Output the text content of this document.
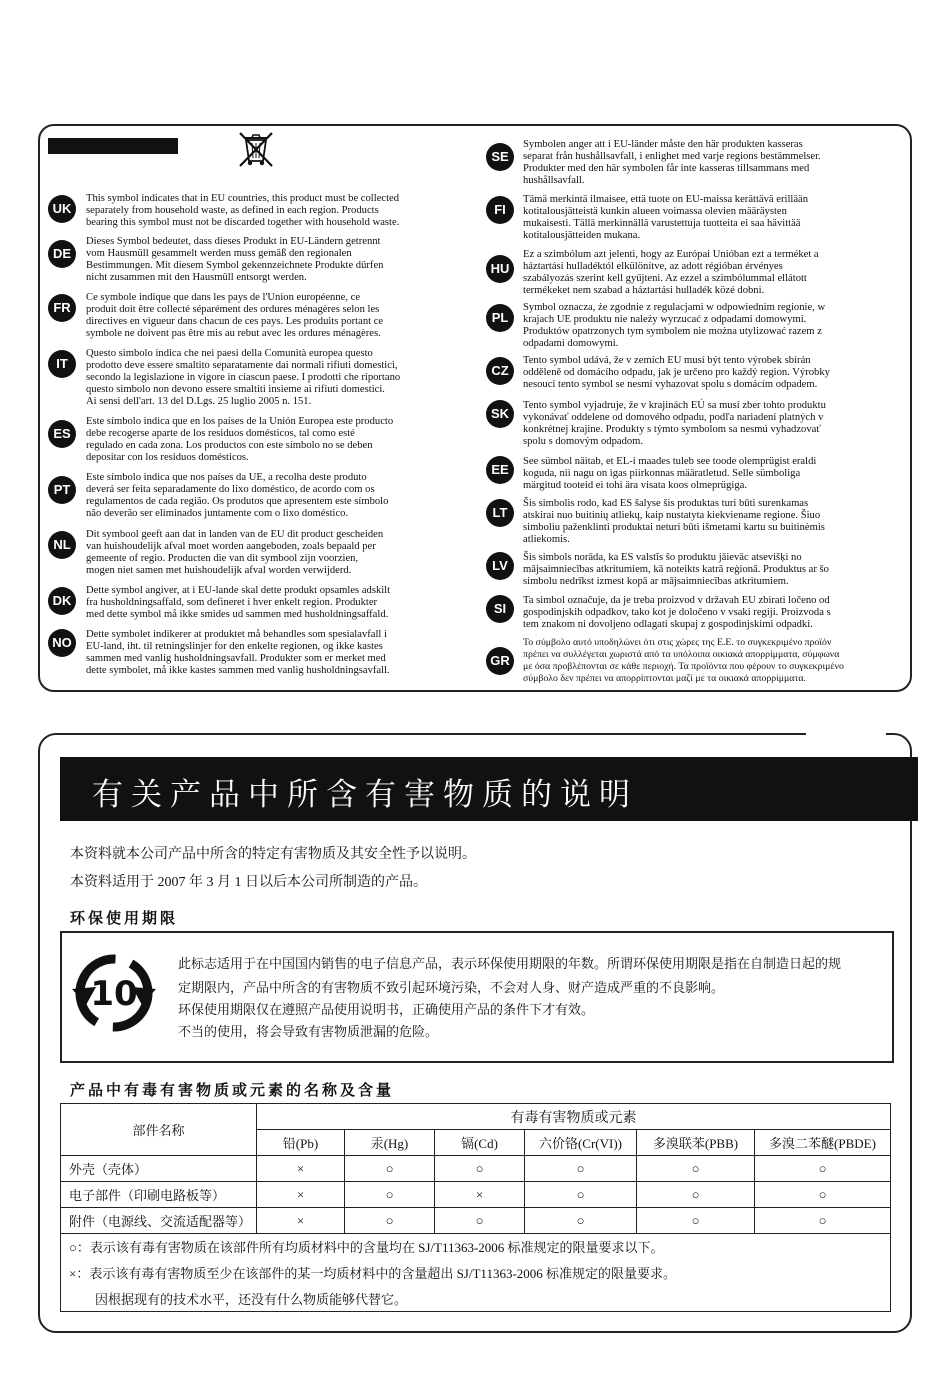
UK
This symbol indicates that in EU countries, this product must be collected
separately from household waste, as defined in each region. Products
bearing this symbol must not be discarded together with household waste.
DE
Dieses Symbol bedeutet, dass dieses Produkt in EU-Ländern getrennt
vom Hausmüll gesammelt werden muss gemäß den regionalen
Bestimmungen. Mit diesem Symbol gekennzeichnete Produkte dürfen
nicht zusammen mit den Hausmüll entsorgt werden.
FR
Ce symbole indique que dans les pays de l'Union européenne, ce
produit doit être collecté séparément des ordures ménagères selon les
directives en vigueur dans chacun de ces pays. Les produits portant ce
symbole ne doivent pas être mis au rebut avec les ordures ménagères.
IT
Questo simbolo indica che nei paesi della Comunità europea questo
prodotto deve essere smaltito separatamente dai normali rifiuti domestici,
secondo la legislazione in vigore in ciascun paese. I prodotti che riportano
questo simbolo non devono essere smaltiti insieme ai rifiuti domestici.
Ai sensi dell'art. 13 del D.Lgs. 25 luglio 2005 n. 151.
ES
Este símbolo indica que en los países de la Unión Europea este producto
debe recogerse aparte de los residuos domésticos, tal como esté
regulado en cada zona. Los productos con este símbolo no se deben
depositar con los residuos domésticos.
PT
Este símbolo indica que nos países da UE, a recolha deste produto
deverá ser feita separadamente do lixo doméstico, de acordo com os
regulamentos de cada região. Os produtos que apresentem este símbolo
não deverão ser eliminados juntamente com o lixo doméstico.
NL
Dit symbool geeft aan dat in landen van de EU dit product gescheiden
van huishoudelijk afval moet worden aangeboden, zoals bepaald per
gemeente of regio. Producten die van dit symbool zijn voorzien,
mogen niet samen met huishoudelijk afval worden verwijderd.
DK
Dette symbol angiver, at i EU-lande skal dette produkt opsamles adskilt
fra husholdningsaffald, som defineret i hver enkelt region. Produkter
med dette symbol må ikke smides ud sammen med husholdningsaffald.
NO
Dette symbolet indikerer at produktet må behandles som spesialavfall i
EU-land, iht. til retningslinjer for den enkelte regionen, og ikke kastes
sammen med vanlig husholdningsavfall. Produkter som er merket med
dette symbolet, må ikke kastes sammen med vanlig husholdningsavfall.
SE
Symbolen anger att i EU-länder måste den här produkten kasseras
separat från hushållsavfall, i enlighet med varje regions bestämmelser.
Produkter med den här symbolen får inte kasseras tillsammans med
hushållsavfall.
FI
Tämä merkintä ilmaisee, että tuote on EU-maissa kerättävä erillään
kotitalousjätteistä kunkin alueen voimassa olevien määräysten
mukaisesti. Tällä merkinnällä varustettuja tuotteita ei saa hävittää
kotitalousjätteiden mukana.
HU
Ez a szimbólum azt jelenti, hogy az Európai Unióban ezt a terméket a
háztartási hulladéktól elkülönítve, az adott régióban érvényes
szabályozás szerint kell gyűjteni. Az ezzel a szimbólummal ellátott
termékeket nem szabad a háztartási hulladék közé dobni.
PL
Symbol oznacza, że zgodnie z regulacjami w odpowiednim regionie, w
krajach UE produktu nie należy wyrzucać z odpadami domowymi.
Produktów opatrzonych tym symbolem nie można utylizować razem z
odpadami domowymi.
CZ
Tento symbol udává, že v zemích EU musí být tento výrobek sbírán
odděleně od domácího odpadu, jak je určeno pro každý region. Výrobky
nesoucí tento symbol se nesmí vyhazovat spolu s domácím odpadem.
SK
Tento symbol vyjadruje, že v krajinách EÚ sa musí zber tohto produktu
vykonávať oddelene od domového odpadu, podľa nariadení platných v
konkrétnej krajine. Produkty s týmto symbolom sa nesmú vyhadzovať
spolu s domovým odpadom.
EE
See sümbol näitab, et EL-i maades tuleb see toode olemprügist eraldi
koguda, nii nagu on igas piirkonnas määratletud. Selle sümboliga
märgitud tooteid ei tohi ära visata koos olmeprügiga.
LT
Šis simbolis rodo, kad ES šalyse šis produktas turi būti surenkamas
atskirai nuo buitinių atliekų, kaip nustatyta kiekviename regione. Šiuo
simboliu paženklinti produktai neturi būti išmetami kartu su buitinėmis
atliekomis.
LV
Šis simbols norāda, ka ES valstīs šo produktu jāievāc atsevišķi no
mājsaimniecības atkritumiem, kā noteikts katrā reģionā. Produktus ar šo
simbolu nedrīkst izmest kopā ar mājsaimniecības atkritumiem.
SI
Ta simbol označuje, da je treba proizvod v državah EU zbirati ločeno od
gospodinjskih odpadkov, tako kot je določeno v vsaki regiji. Proizvoda s
tem znakom ni dovoljeno odlagati skupaj z gospodinjskimi odpadki.
GR
Το σύμβολο αυτό υποδηλώνει ότι στις χώρες της Ε.Ε. το συγκεκριμένο προϊόν
πρέπει να συλλέγεται χωριστά από τα υπόλοιπα οικιακά απορρίμματα, σύμφωνα
με όσα προβλέπονται σε κάθε περιοχή. Τα προϊόντα που φέρουν το συγκεκριμένο
σύμβολο δεν πρέπει να απορρίπτονται μαζί με τα οικιακά απορρίμματα.
有关产品中所含有害物质的说明
本资料就本公司产品中所含的特定有害物质及其安全性予以说明。
本资料适用于 2007 年 3 月 1 日以后本公司所制造的产品。
环保使用期限
10
此标志适用于在中国国内销售的电子信息产品，表示环保使用期限的年数。所谓环保使用期限是指在自制造日起的规
定期限内，产品中所含的有害物质不致引起环境污染，不会对人身、财产造成严重的不良影响。
环保使用期限仅在遵照产品使用说明书，正确使用产品的条件下才有效。
不当的使用，将会导致有害物质泄漏的危险。
产品中有毒有害物质或元素的名称及含量
部件名称	有毒有害物质或元素					
	铅(Pb)	汞(Hg)	镉(Cd)	六价铬(Cr(VI))	多溴联苯(PBB)	多溴二苯醚(PBDE)
外壳（壳体）	×	○	○	○	○	○
电子部件（印刷电路板等）	×	○	×	○	○	○
附件（电源线、交流适配器等）	×	○	○	○	○	○
○：表示该有毒有害物质在该部件所有均质材料中的含量均在 SJ/T11363-2006 标准规定的限量要求以下。						
×：表示该有毒有害物质至少在该部件的某一均质材料中的含量超出 SJ/T11363-2006 标准规定的限量要求。						
因根据现有的技术水平，还没有什么物质能够代替它。						
